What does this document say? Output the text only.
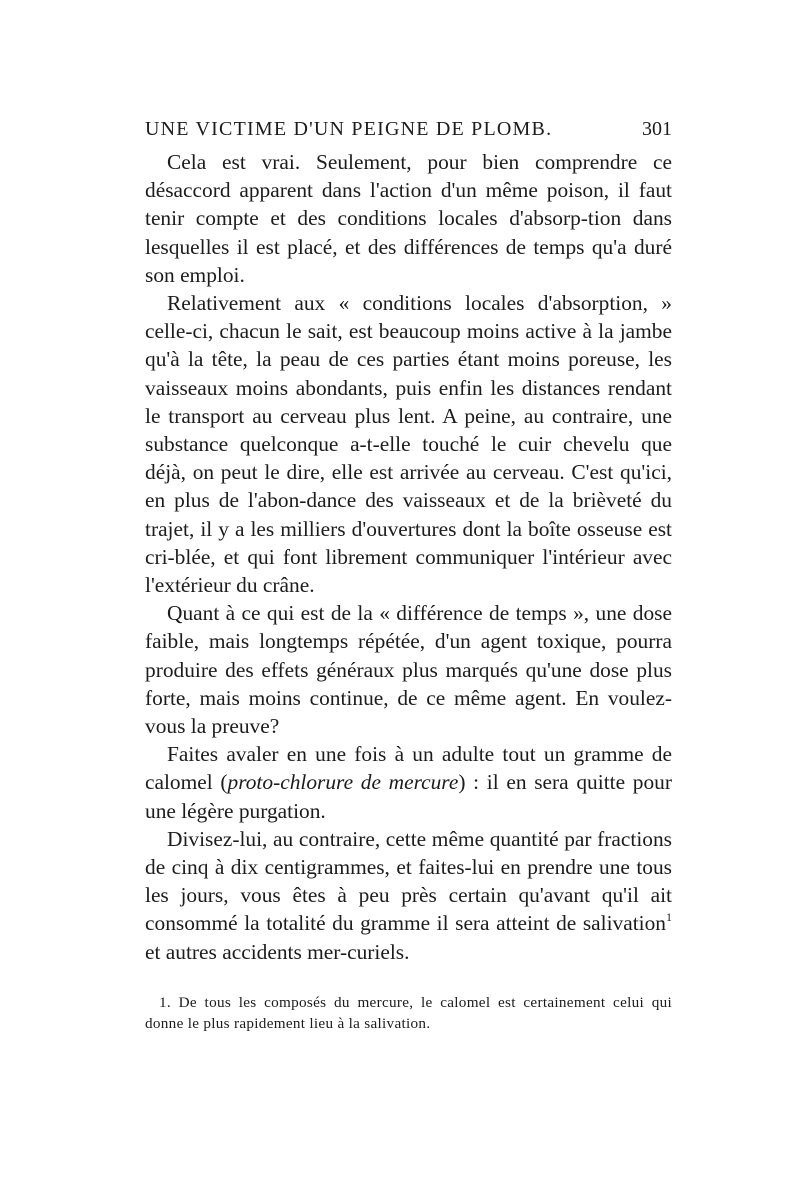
UNE VICTIME D'UN PEIGNE DE PLOMB.	301

Cela est vrai. Seulement, pour bien comprendre ce désaccord apparent dans l'action d'un même poison, il faut tenir compte et des conditions locales d'absorp-tion dans lesquelles il est placé, et des différences de temps qu'a duré son emploi.

Relativement aux « conditions locales d'absorption, » celle-ci, chacun le sait, est beaucoup moins active à la jambe qu'à la tête, la peau de ces parties étant moins poreuse, les vaisseaux moins abondants, puis enfin les distances rendant le transport au cerveau plus lent. A peine, au contraire, une substance quelconque a-t-elle touché le cuir chevelu que déjà, on peut le dire, elle est arrivée au cerveau. C'est qu'ici, en plus de l'abon-dance des vaisseaux et de la brièveté du trajet, il y a les milliers d'ouvertures dont la boîte osseuse est cri-blée, et qui font librement communiquer l'intérieur avec l'extérieur du crâne.

Quant à ce qui est de la « différence de temps », une dose faible, mais longtemps répétée, d'un agent toxique, pourra produire des effets généraux plus marqués qu'une dose plus forte, mais moins continue, de ce même agent. En voulez-vous la preuve?

Faites avaler en une fois à un adulte tout un gramme de calomel (proto-chlorure de mercure) : il en sera quitte pour une légère purgation.

Divisez-lui, au contraire, cette même quantité par fractions de cinq à dix centigrammes, et faites-lui en prendre une tous les jours, vous êtes à peu près certain qu'avant qu'il ait consommé la totalité du gramme il sera atteint de salivation$^1$ et autres accidents mer-curiels.

1. De tous les composés du mercure, le calomel est certainement celui qui donne le plus rapidement lieu à la salivation.
